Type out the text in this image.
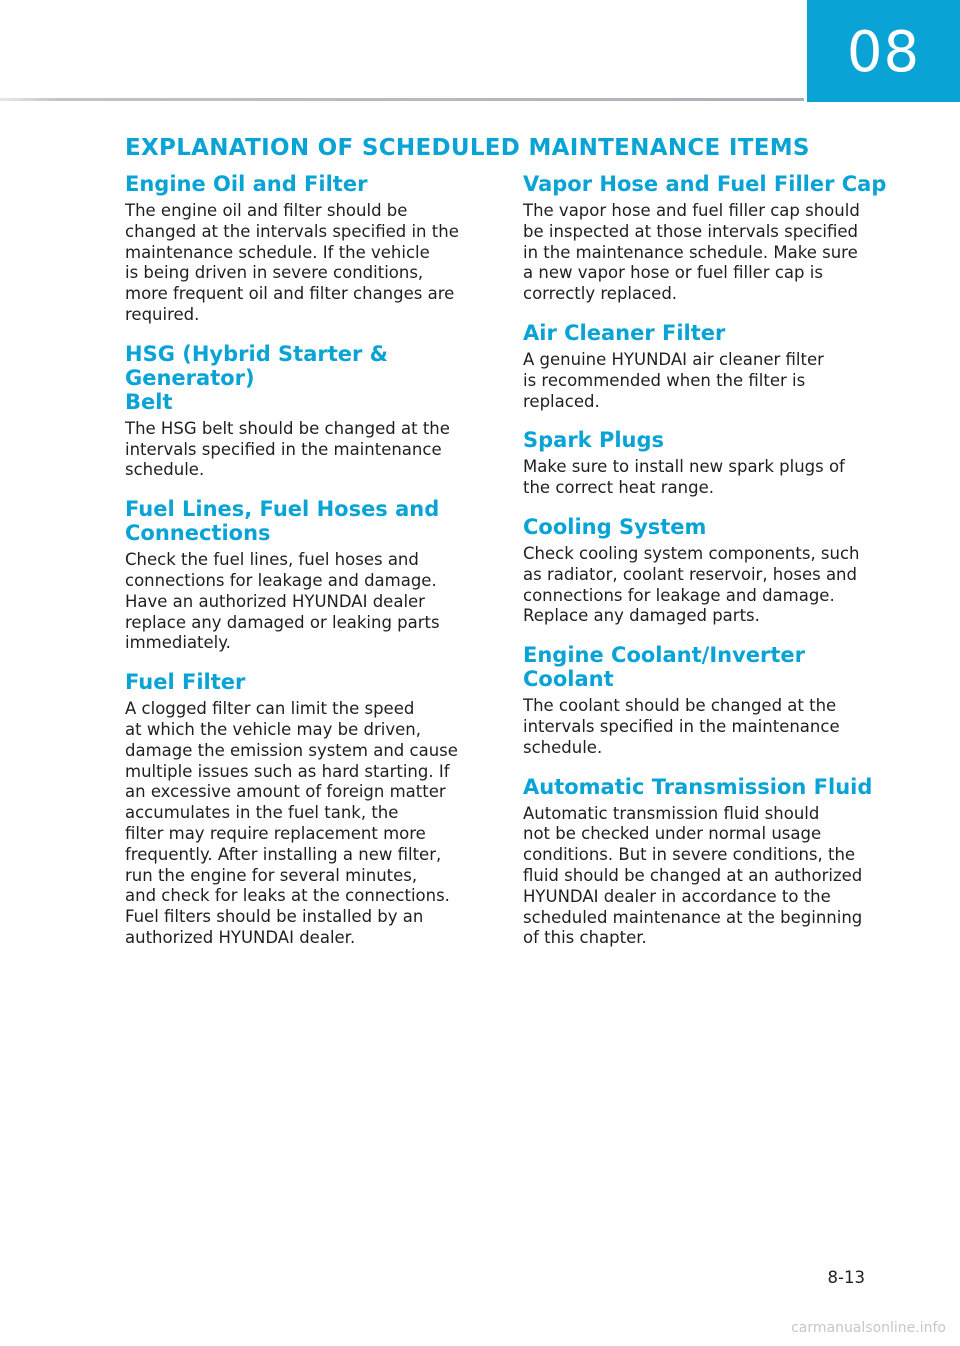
08
EXPLANATION OF SCHEDULED MAINTENANCE ITEMS
Engine Oil and Filter

The engine oil and filter should be
changed at the intervals specified in the
maintenance schedule. If the vehicle
is being driven in severe conditions,
more frequent oil and filter changes are
required.

HSG (Hybrid Starter & Generator)
Belt

The HSG belt should be changed at the
intervals specified in the maintenance
schedule.

Fuel Lines, Fuel Hoses and
Connections

Check the fuel lines, fuel hoses and
connections for leakage and damage.
Have an authorized HYUNDAI dealer
replace any damaged or leaking parts
immediately.

Fuel Filter

A clogged filter can limit the speed
at which the vehicle may be driven,
damage the emission system and cause
multiple issues such as hard starting. If
an excessive amount of foreign matter
accumulates in the fuel tank, the
filter may require replacement more
frequently. After installing a new filter,
run the engine for several minutes,
and check for leaks at the connections.
Fuel filters should be installed by an
authorized HYUNDAI dealer.

Vapor Hose and Fuel Filler Cap

The vapor hose and fuel filler cap should
be inspected at those intervals specified
in the maintenance schedule. Make sure
a new vapor hose or fuel filler cap is
correctly replaced.

Air Cleaner Filter

A genuine HYUNDAI air cleaner filter
is recommended when the filter is
replaced.

Spark Plugs

Make sure to install new spark plugs of
the correct heat range.

Cooling System

Check cooling system components, such
as radiator, coolant reservoir, hoses and
connections for leakage and damage.
Replace any damaged parts.

Engine Coolant/Inverter Coolant

The coolant should be changed at the
intervals specified in the maintenance
schedule.

Automatic Transmission Fluid

Automatic transmission fluid should
not be checked under normal usage
conditions. But in severe conditions, the
fluid should be changed at an authorized
HYUNDAI dealer in accordance to the
scheduled maintenance at the beginning
of this chapter.

8-13
carmanualsonline.info
